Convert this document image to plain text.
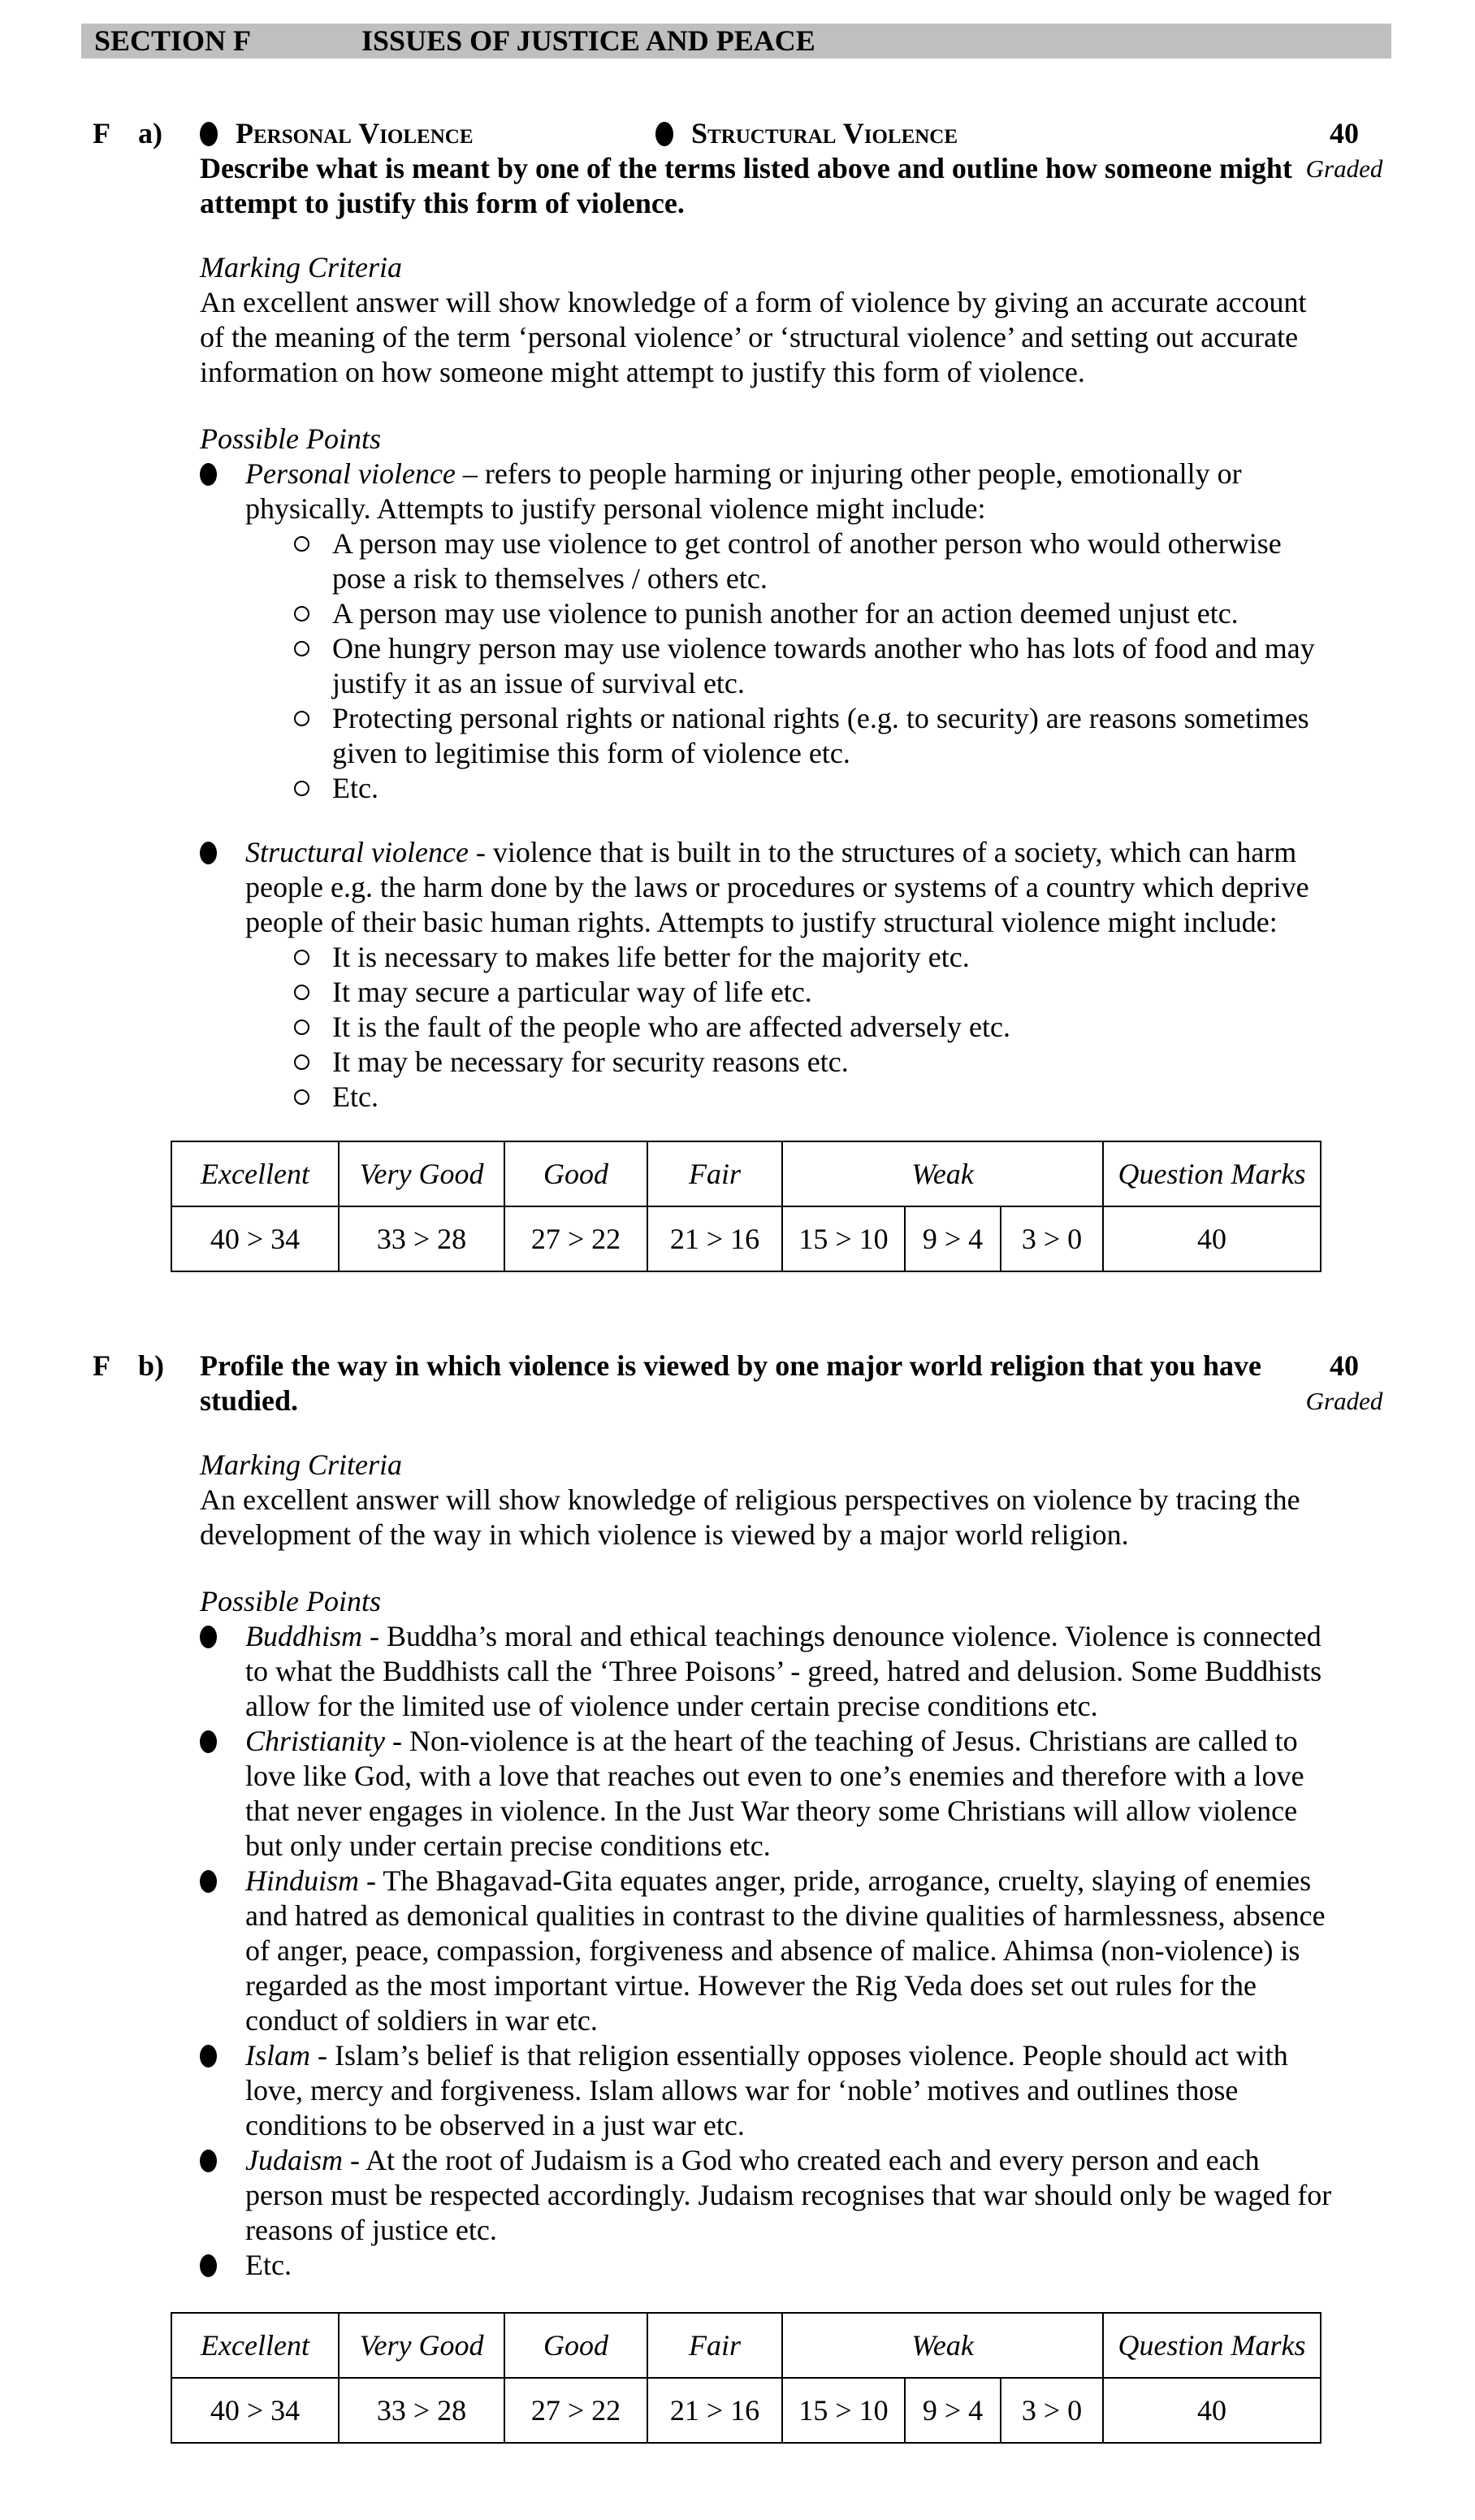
SECTION F	ISSUES OF JUSTICE AND PEACE
F a)	40
Graded
Personal Violence	Structural Violence

Describe what is meant by one of the terms listed above and outline how someone might attempt to justify this form of violence.

Marking Criteria

An excellent answer will show knowledge of a form of violence by giving an accurate account of the meaning of the term ‘personal violence’ or ‘structural violence’ and setting out accurate information on how someone might attempt to justify this form of violence.

Possible Points
Personal violence – refers to people harming or injuring other people, emotionally or physically. Attempts to justify personal violence might include:
A person may use violence to get control of another person who would otherwise pose a risk to themselves / others etc.
A person may use violence to punish another for an action deemed unjust etc.
One hungry person may use violence towards another who has lots of food and may justify it as an issue of survival etc.
Protecting personal rights or national rights (e.g. to security) are reasons sometimes given to legitimise this form of violence etc.
Etc.
Structural violence - violence that is built in to the structures of a society, which can harm people e.g. the harm done by the laws or procedures or systems of a country which deprive people of their basic human rights. Attempts to justify structural violence might include:
It is necessary to makes life better for the majority etc.
It may secure a particular way of life etc.
It is the fault of the people who are affected adversely etc.
It may be necessary for security reasons etc.
Etc.
Excellent	Very Good	Good	Fair	Weak			Question Marks
40 > 34	33 > 28	27 > 22	21 > 16	15 > 10	9 > 4	3 > 0	40
F b)	40
Graded

Profile the way in which violence is viewed by one major world religion that you have studied.

Marking Criteria

An excellent answer will show knowledge of religious perspectives on violence by tracing the development of the way in which violence is viewed by a major world religion.

Possible Points
Buddhism - Buddha’s moral and ethical teachings denounce violence. Violence is connected to what the Buddhists call the ‘Three Poisons’ - greed, hatred and delusion. Some Buddhists allow for the limited use of violence under certain precise conditions etc.
Christianity - Non-violence is at the heart of the teaching of Jesus. Christians are called to love like God, with a love that reaches out even to one’s enemies and therefore with a love that never engages in violence. In the Just War theory some Christians will allow violence but only under certain precise conditions etc.
Hinduism - The Bhagavad-Gita equates anger, pride, arrogance, cruelty, slaying of enemies and hatred as demonical qualities in contrast to the divine qualities of harmlessness, absence of anger, peace, compassion, forgiveness and absence of malice. Ahimsa (non-violence) is regarded as the most important virtue. However the Rig Veda does set out rules for the conduct of soldiers in war etc.
Islam - Islam’s belief is that religion essentially opposes violence. People should act with love, mercy and forgiveness. Islam allows war for ‘noble’ motives and outlines those conditions to be observed in a just war etc.
Judaism - At the root of Judaism is a God who created each and every person and each person must be respected accordingly. Judaism recognises that war should only be waged for reasons of justice etc.
Etc.
Excellent	Very Good	Good	Fair	Weak			Question Marks
40 > 34	33 > 28	27 > 22	21 > 16	15 > 10	9 > 4	3 > 0	40
